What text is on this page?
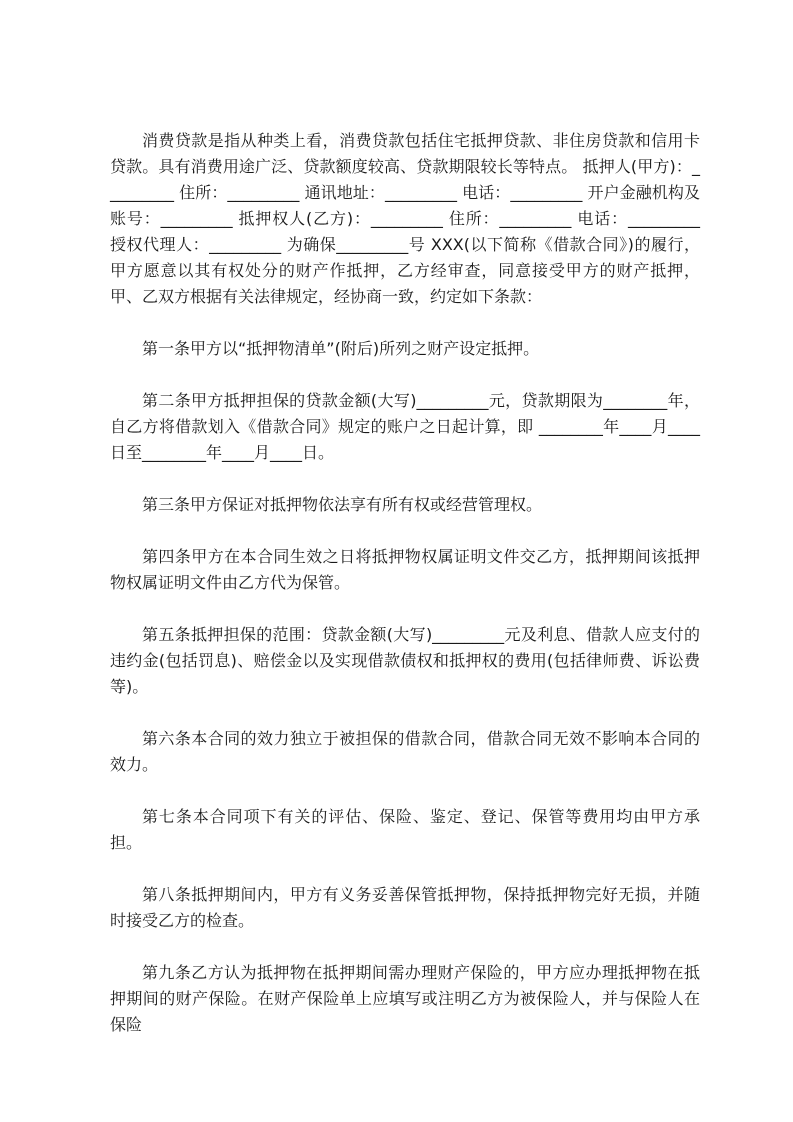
消费贷款是指从种类上看，消费贷款包括住宅抵押贷款、非住房贷款和信用卡贷款。具有消费用途广泛、贷款额度较高、贷款期限较长等特点。 抵押人(甲方)：_________ 住所：_________ 通讯地址：_________ 电话：_________ 开户金融机构及账号：_________ 抵押权人(乙方)：_________ 住所：_________ 电话：_________ 授权代理人：_________ 为确保_________号 XXX(以下简称《借款合同》)的履行，甲方愿意以其有权处分的财产作抵押，乙方经审查，同意接受甲方的财产抵押，甲、乙双方根据有关法律规定，经协商一致，约定如下条款：

第一条甲方以“抵押物清单”(附后)所列之财产设定抵押。

第二条甲方抵押担保的贷款金额(大写)_________元，贷款期限为________年，自乙方将借款划入《借款合同》规定的账户之日起计算，即 ________年____月____日至________年____月____日。

第三条甲方保证对抵押物依法享有所有权或经营管理权。

第四条甲方在本合同生效之日将抵押物权属证明文件交乙方，抵押期间该抵押物权属证明文件由乙方代为保管。

第五条抵押担保的范围：贷款金额(大写)_________元及利息、借款人应支付的违约金(包括罚息)、赔偿金以及实现借款债权和抵押权的费用(包括律师费、诉讼费等)。

第六条本合同的效力独立于被担保的借款合同，借款合同无效不影响本合同的效力。

第七条本合同项下有关的评估、保险、鉴定、登记、保管等费用均由甲方承担。

第八条抵押期间内，甲方有义务妥善保管抵押物，保持抵押物完好无损，并随时接受乙方的检查。

第九条乙方认为抵押物在抵押期间需办理财产保险的，甲方应办理抵押物在抵押期间的财产保险。在财产保险单上应填写或注明乙方为被保险人，并与保险人在保险
